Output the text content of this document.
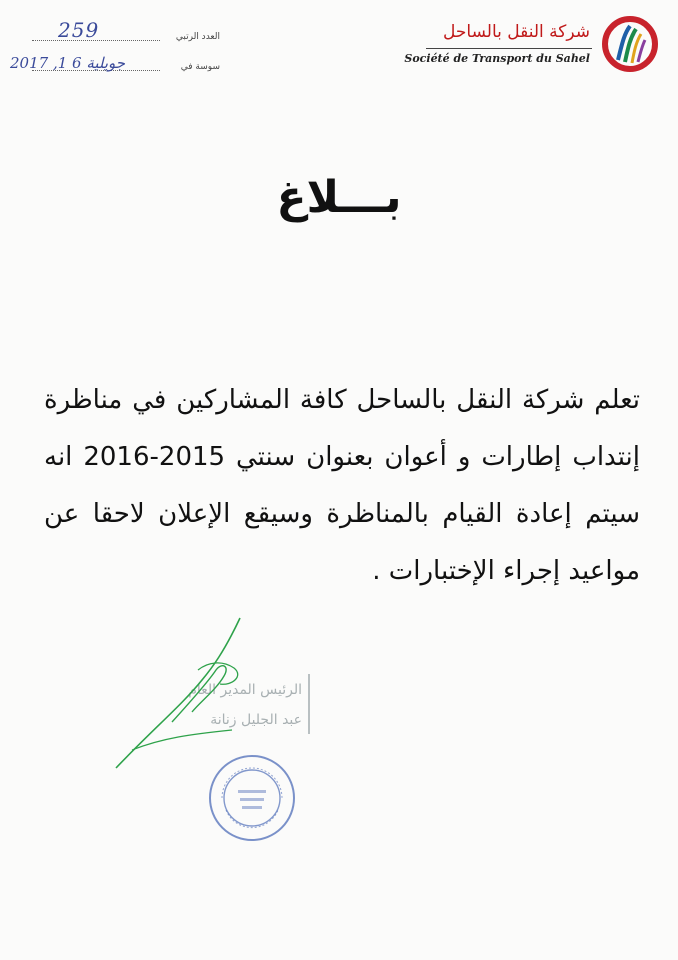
شركة النقل بالساحل
Société de Transport du Sahel
العدد الرتبي
259
سوسة في
2017 ,1 6 جويلية
بـــلاغ
تعلم شركة النقل بالساحل كافة المشاركين في مناظرة إنتداب إطارات و أعوان بعنوان سنتي 2015-2016 انه سيتم إعادة القيام بالمناظرة وسيقع الإعلان لاحقا عن مواعيد إجراء الإختبارات .
الرئيس المدير العام
عبد الجليل زنانة
